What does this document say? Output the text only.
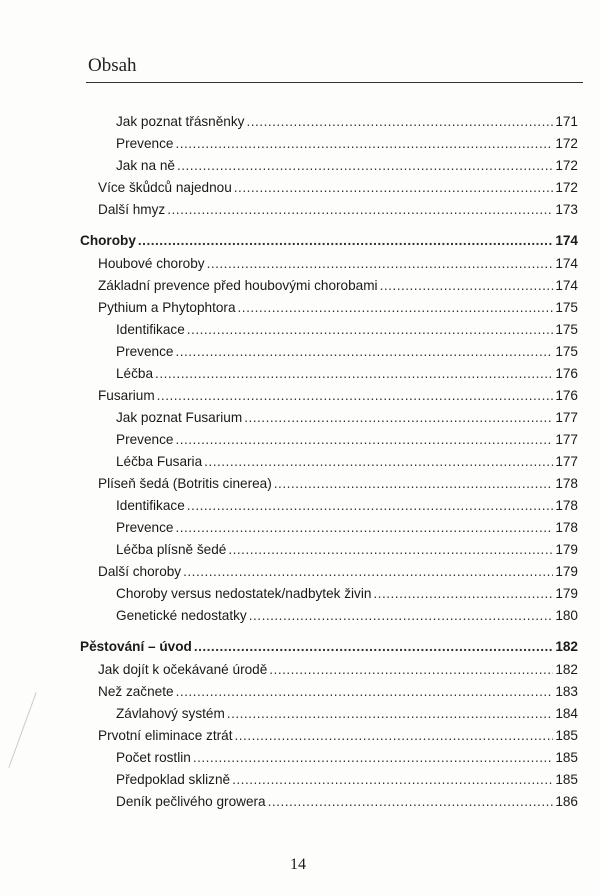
Obsah
Jak poznat třásněnky .....	171
Prevence .....	172
Jak na ně .....	172
Více škůdců najednou .....	172
Další hmyz .....	173
Choroby .....	174
Houbové choroby .....	174
Základní prevence před houbovými chorobami .....	174
Pythium a Phytophtora .....	175
Identifikace .....	175
Prevence .....	175
Léčba .....	176
Fusarium .....	176
Jak poznat Fusarium .....	177
Prevence .....	177
Léčba Fusaria .....	177
Plíseň šedá (Botritis cinerea) .....	178
Identifikace .....	178
Prevence .....	178
Léčba plísně šedé .....	179
Další choroby .....	179
Choroby versus nedostatek/nadbytek živin .....	179
Genetické nedostatky .....	180
Pěstování – úvod .....	182
Jak dojít k očekávané úrodě .....	182
Než začnete .....	183
Závlahový systém .....	184
Prvotní eliminace ztrát .....	185
Počet rostlin .....	185
Předpoklad sklizně .....	185
Deník pečlivého growera .....	186
14
